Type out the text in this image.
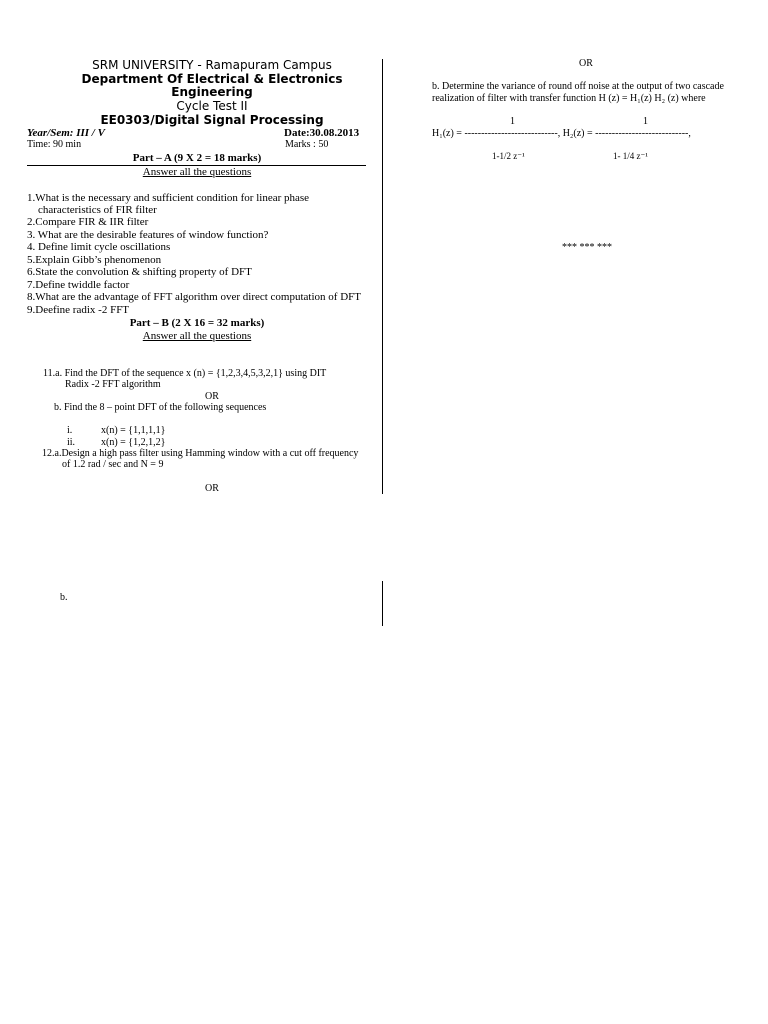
SRM UNIVERSITY - Ramapuram Campus
Department Of Electrical & Electronics
Engineering
Cycle Test II
EE0303/Digital Signal Processing
Year/Sem: III / V	Date:30.08.2013
Time: 90 min	Marks : 50
Part – A (9 X 2 = 18 marks)
Answer all the questions
1.What is the necessary and sufficient condition for linear phase
characteristics of FIR filter
2.Compare FIR & IIR filter
3. What are the desirable features of window function?
4. Define limit cycle oscillations
5.Explain Gibb’s phenomenon
6.State the convolution & shifting property of DFT
7.Define twiddle factor
8.What are the advantage of FFT algorithm over direct computation of DFT
9.Deefine radix -2 FFT
Part – B (2 X 16 = 32 marks)
Answer all the questions
11.a. Find the DFT of the sequence x (n) = {1,2,3,4,5,3,2,1} using DIT
Radix -2 FFT algorithm
OR
b. Find the 8 – point DFT of the following sequences
i.	x(n) = {1,1,1,1}
ii.	x(n) = {1,2,1,2}
12.a.Design a high pass filter using Hamming window with a cut off frequency
of 1.2 rad / sec and N = 9
OR
b.
OR
b. Determine the variance of round off noise at the output of two cascade
realization of filter with transfer function H (z) = H₁(z) H₂ (z) where
1	1
H₁(z) = ----------------------------, H₂(z) = ----------------------------,
1-1/2 z⁻¹	1- 1/4 z⁻¹
*** *** ***
